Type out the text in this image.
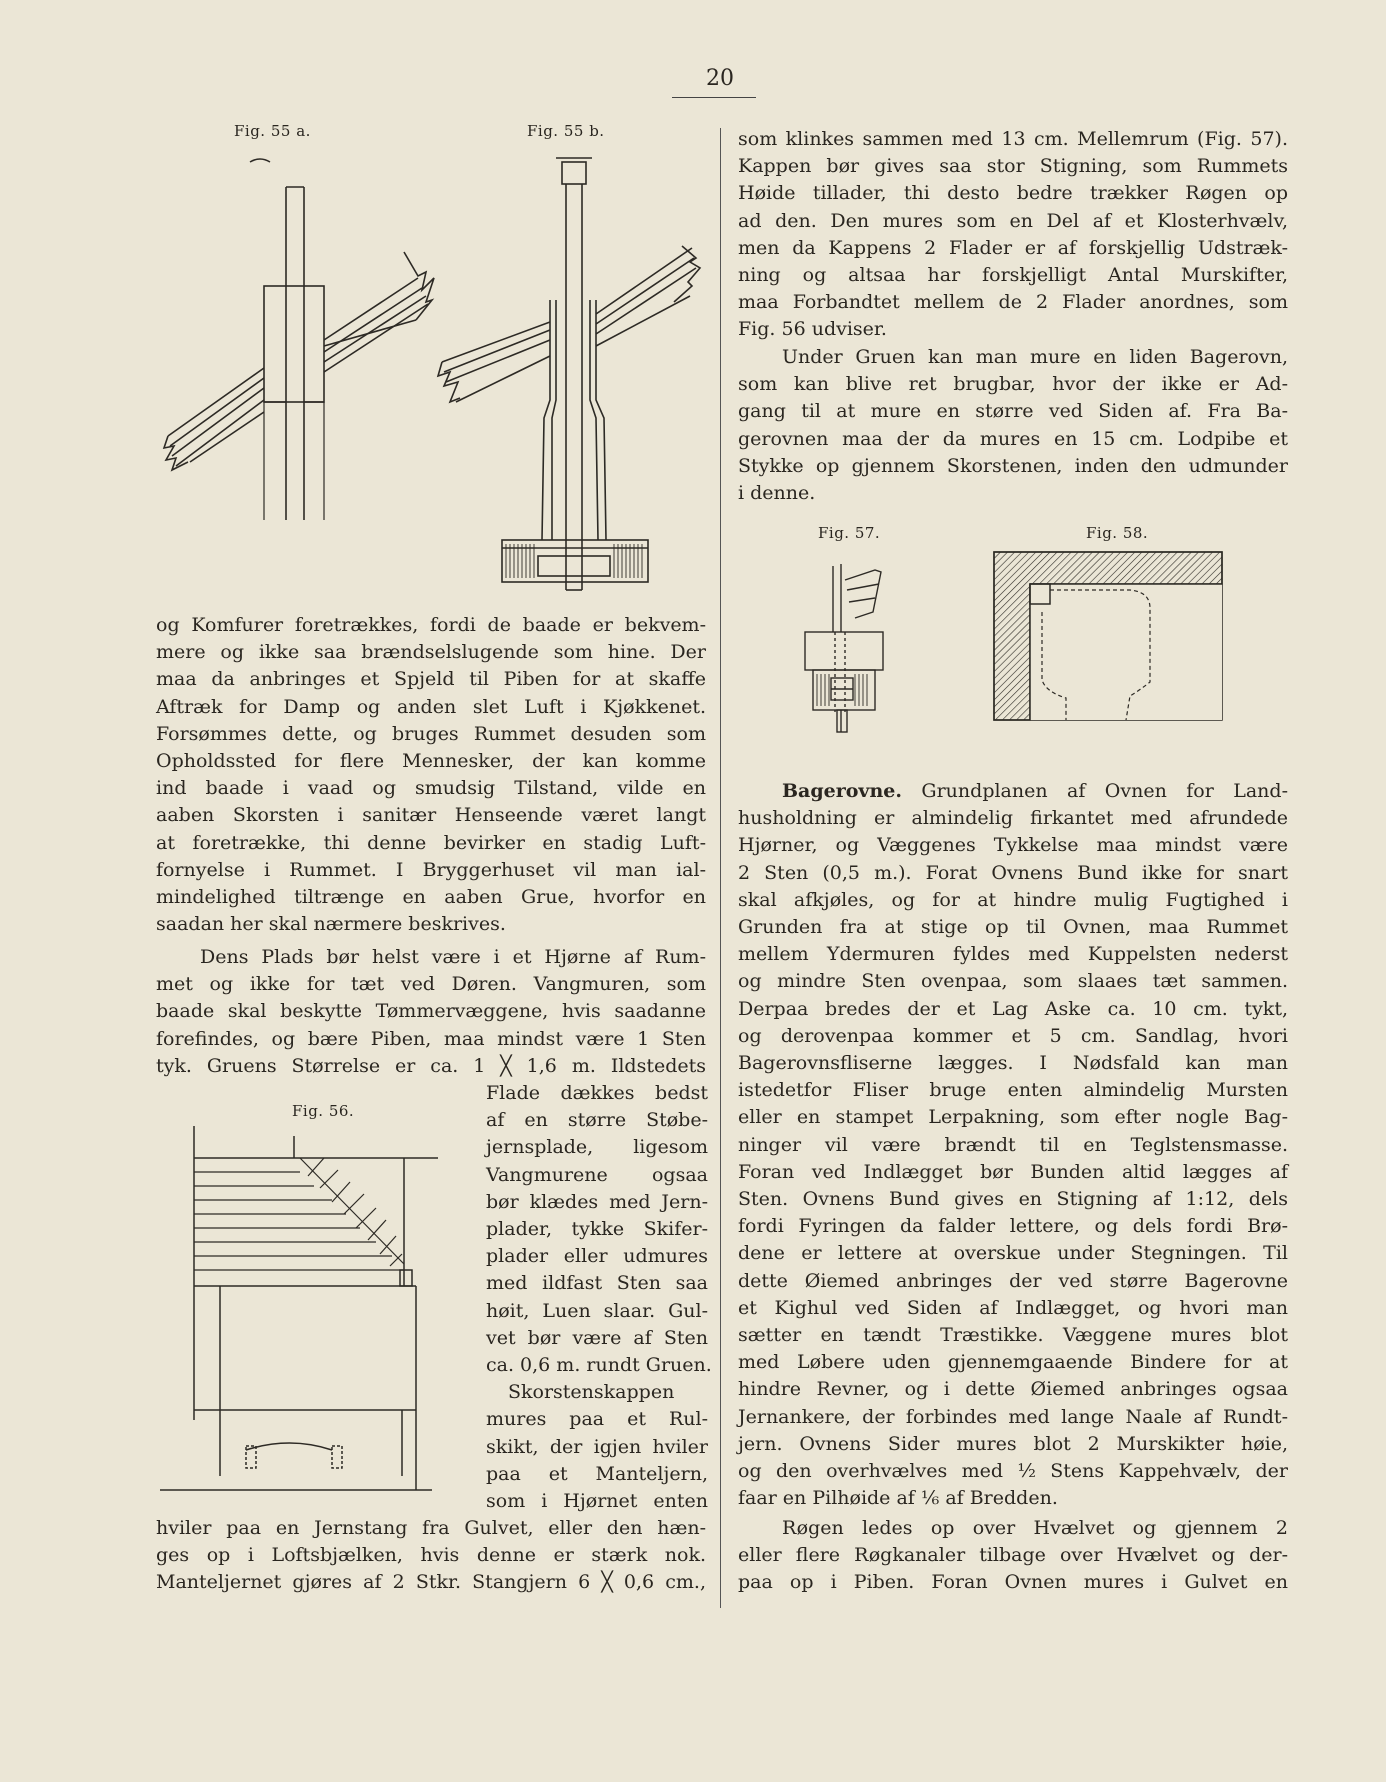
20
Fig. 55 a.	Fig. 55 b.
Fig. 56.
Fig. 57.	Fig. 58.
og Komfurer foretrækkes, fordi de baade er bekvem-
mere og ikke saa brændselslugende som hine. Der
maa da anbringes et Spjeld til Piben for at skaffe
Aftræk for Damp og anden slet Luft i Kjøkkenet.
Forsømmes dette, og bruges Rummet desuden som
Opholdssted for flere Mennesker, der kan komme
ind baade i vaad og smudsig Tilstand, vilde en
aaben Skorsten i sanitær Henseende været langt
at foretrække, thi denne bevirker en stadig Luft-
fornyelse i Rummet. I Bryggerhuset vil man ial-
mindelighed tiltrænge en aaben Grue, hvorfor en
saadan her skal nærmere beskrives.
Dens Plads bør helst være i et Hjørne af Rum-
met og ikke for tæt ved Døren. Vangmuren, som
baade skal beskytte Tømmervæggene, hvis saadanne
forefindes, og bære Piben, maa mindst være 1 Sten
tyk. Gruens Størrelse er ca. 1 ╳ 1,6 m. Ildstedets
Flade dækkes bedst
af en større Støbe-
jernsplade, ligesom
Vangmurene ogsaa
bør klædes med Jern-
plader, tykke Skifer-
plader eller udmures
med ildfast Sten saa
høit, Luen slaar. Gul-
vet bør være af Sten
ca. 0,6 m. rundt Gruen.
Skorstenskappen
mures paa et Rul-
skikt, der igjen hviler
paa et Manteljern,
som i Hjørnet enten
hviler paa en Jernstang fra Gulvet, eller den hæn-
ges op i Loftsbjælken, hvis denne er stærk nok.
Manteljernet gjøres af 2 Stkr. Stangjern 6 ╳ 0,6 cm.,
som klinkes sammen med 13 cm. Mellemrum (Fig. 57).
Kappen bør gives saa stor Stigning, som Rummets
Høide tillader, thi desto bedre trækker Røgen op
ad den. Den mures som en Del af et Klosterhvælv,
men da Kappens 2 Flader er af forskjellig Udstræk-
ning og altsaa har forskjelligt Antal Murskifter,
maa Forbandtet mellem de 2 Flader anordnes, som
Fig. 56 udviser.
Under Gruen kan man mure en liden Bagerovn,
som kan blive ret brugbar, hvor der ikke er Ad-
gang til at mure en større ved Siden af. Fra Ba-
gerovnen maa der da mures en 15 cm. Lodpibe et
Stykke op gjennem Skorstenen, inden den udmunder
i denne.
Bagerovne. Grundplanen af Ovnen for Land-
husholdning er almindelig firkantet med afrundede
Hjørner, og Væggenes Tykkelse maa mindst være
2 Sten (0,5 m.). Forat Ovnens Bund ikke for snart
skal afkjøles, og for at hindre mulig Fugtighed i
Grunden fra at stige op til Ovnen, maa Rummet
mellem Ydermuren fyldes med Kuppelsten nederst
og mindre Sten ovenpaa, som slaaes tæt sammen.
Derpaa bredes der et Lag Aske ca. 10 cm. tykt,
og derovenpaa kommer et 5 cm. Sandlag, hvori
Bagerovnsfliserne lægges. I Nødsfald kan man
istedetfor Fliser bruge enten almindelig Mursten
eller en stampet Lerpakning, som efter nogle Bag-
ninger vil være brændt til en Teglstensmasse.
Foran ved Indlægget bør Bunden altid lægges af
Sten. Ovnens Bund gives en Stigning af 1:12, dels
fordi Fyringen da falder lettere, og dels fordi Brø-
dene er lettere at overskue under Stegningen. Til
dette Øiemed anbringes der ved større Bagerovne
et Kighul ved Siden af Indlægget, og hvori man
sætter en tændt Træstikke. Væggene mures blot
med Løbere uden gjennemgaaende Bindere for at
hindre Revner, og i dette Øiemed anbringes ogsaa
Jernankere, der forbindes med lange Naale af Rundt-
jern. Ovnens Sider mures blot 2 Murskikter høie,
og den overhvælves med ½ Stens Kappehvælv, der
faar en Pilhøide af ⅙ af Bredden.
Røgen ledes op over Hvælvet og gjennem 2
eller flere Røgkanaler tilbage over Hvælvet og der-
paa op i Piben. Foran Ovnen mures i Gulvet en
